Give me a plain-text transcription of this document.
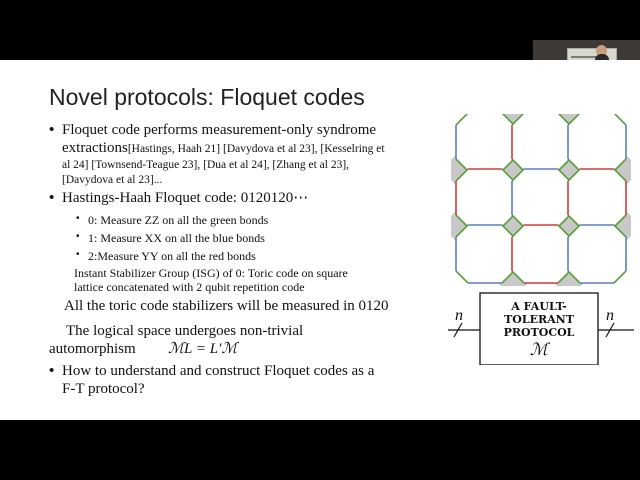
Novel protocols: Floquet codes
• Floquet code performs measurement-only syndrome
extractions[Hastings, Haah 21] [Davydova et al 23], [Kesselring et
al 24] [Townsend-Teague 23], [Dua et al 24], [Zhang et al 23],
[Davydova et al 23]...
• Hastings-Haah Floquet code: 0120120⋯
• 0: Measure ZZ on all the green bonds
• 1: Measure XX on all the blue bonds
• 2:Measure YY on all the red bonds
Instant Stabilizer Group (ISG) of 0: Toric code on square
lattice concatenated with 2 qubit repetition code
All the toric code stabilizers will be measured in 0120
The logical space undergoes non-trivial
automorphism ℳL = L′ℳ
• How to understand and construct Floquet codes as a
F-T protocol?
n
A FAULT-
TOLERANT
PROTOCOL
ℳ
n
